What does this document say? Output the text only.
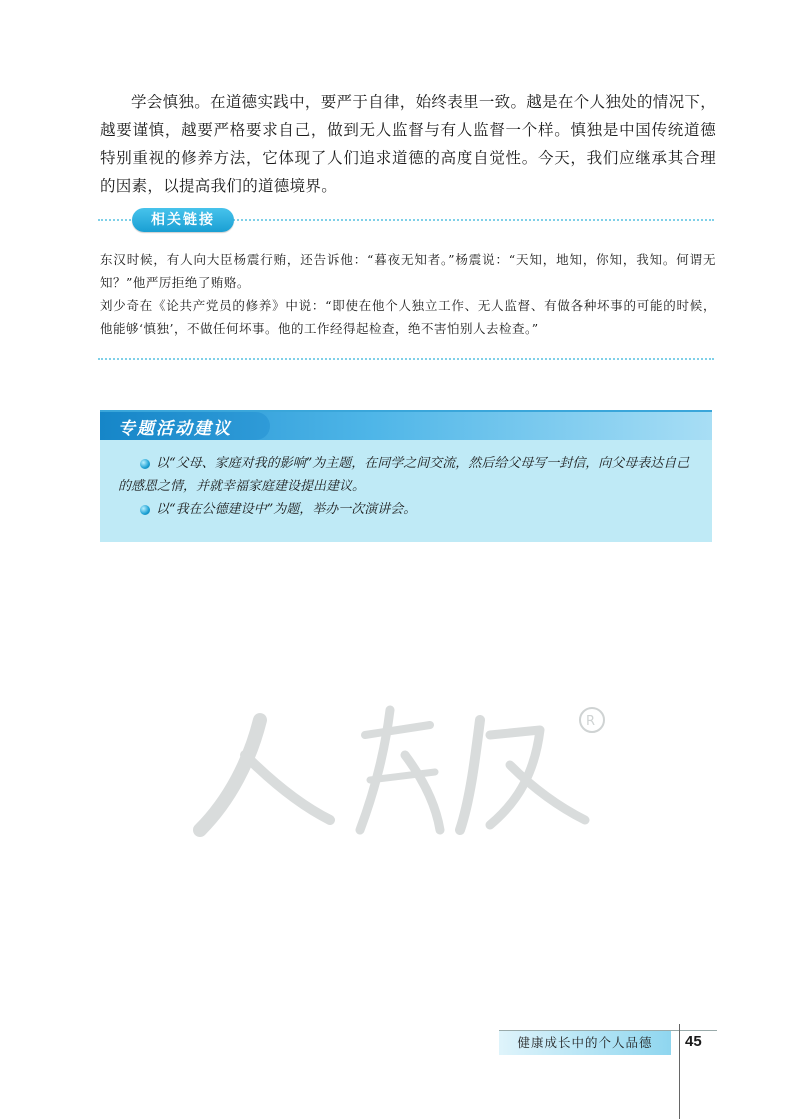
学会慎独。在道德实践中，要严于自律，始终表里一致。越是在个人独处的情况下，越要谨慎，越要严格要求自己，做到无人监督与有人监督一个样。慎独是中国传统道德特别重视的修养方法，它体现了人们追求道德的高度自觉性。今天，我们应继承其合理的因素，以提高我们的道德境界。
相关链接

东汉时候，有人向大臣杨震行贿，还告诉他：“暮夜无知者。”杨震说：“天知，地知，你知，我知。何谓无知？”他严厉拒绝了贿赂。

刘少奇在《论共产党员的修养》中说：“即使在他个人独立工作、无人监督、有做各种坏事的可能的时候，他能够‘慎独’，不做任何坏事。他的工作经得起检查，绝不害怕别人去检查。”

专题活动建议

以“父母、家庭对我的影响”为主题，在同学之间交流，然后给父母写一封信，向父母表达自己的感恩之情，并就幸福家庭建设提出建议。

以“我在公德建设中”为题，举办一次演讲会。

R
健康成长中的个人品德	45
